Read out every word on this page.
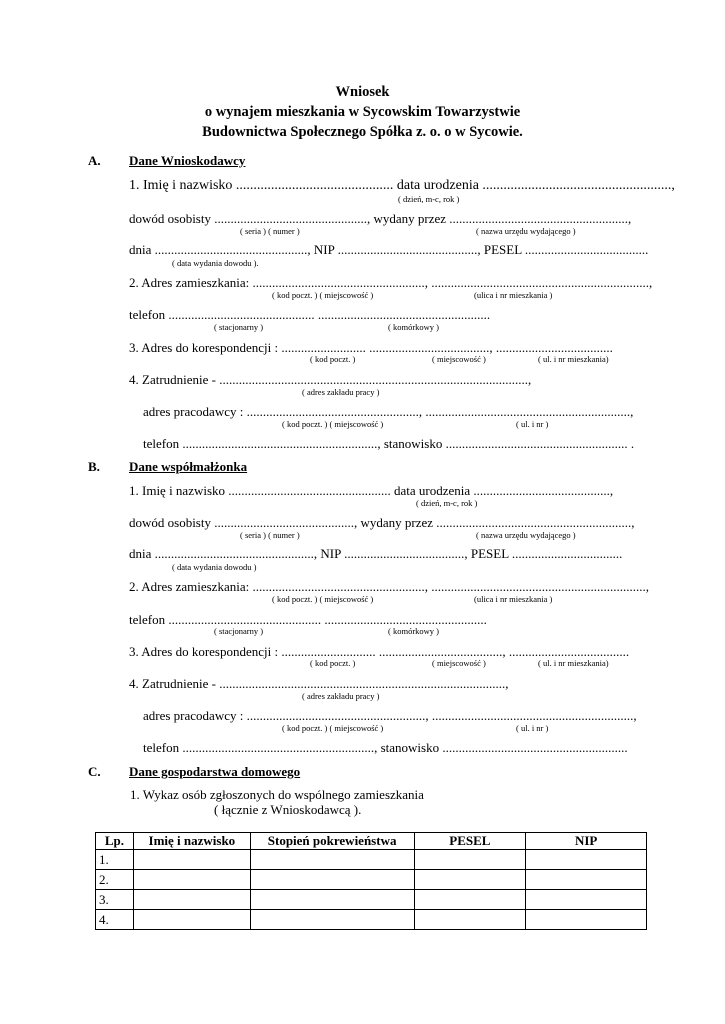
Wniosek
o wynajem mieszkania w Sycowskim Towarzystwie
Budownictwa Społecznego Spółka z. o. o w Sycowie.
A. Dane Wnioskodawcy
1. Imię i nazwisko ............................................. data urodzenia ......................................................,
( dzień, m-c, rok )
dowód osobisty ..............................................., wydany przez .......................................................,
( seria ) ( numer )	( nazwa urzędu wydającego )
dnia ..............................................., NIP ..........................................., PESEL ......................................
( data wydania dowodu ).
2. Adres zamieszkania: ....................................................., ...................................................................,
( kod poczt. ) ( miejscowość )	(ulica i nr mieszkania )
telefon ............................................. .....................................................
( stacjonarny )	( komórkowy )
3. Adres do korespondencji : .......................... ....................................., ....................................
( kod poczt. )	( miejscowość )	( ul. i nr mieszkania)
4. Zatrudnienie - ...............................................................................................,
( adres zakładu pracy )
adres pracodawcy : ....................................................., ...............................................................,
( kod poczt. ) ( miejscowość )	( ul. i nr )
telefon ............................................................, stanowisko ........................................................ .
B. Dane współmałżonka
1. Imię i nazwisko .................................................. data urodzenia ..........................................,
( dzień, m-c, rok )
dowód osobisty ..........................................., wydany przez ............................................................,
( seria ) ( numer )	( nazwa urzędu wydającego )
dnia ................................................., NIP ....................................., PESEL ..................................
( data wydania dowodu )
2. Adres zamieszkania: ....................................................., ..................................................................,
( kod poczt. ) ( miejscowość )	(ulica i nr mieszkania )
telefon ............................................... ..................................................
( stacjonarny )	( komórkowy )
3. Adres do korespondencji : ............................. ......................................, .....................................
( kod poczt. )	( miejscowość )	( ul. i nr mieszkania)
4. Zatrudnienie - ........................................................................................,
( adres zakładu pracy )
adres pracodawcy : ......................................................., ..............................................................,
( kod poczt. ) ( miejscowość )	( ul. i nr )
telefon ..........................................................., stanowisko .........................................................
C. Dane gospodarstwa domowego
1. Wykaz osób zgłoszonych do wspólnego zamieszkania
( łącznie z Wnioskodawcą ).
Lp.	Imię i nazwisko	Stopień pokrewieństwa	PESEL	NIP
1.				
2.				
3.				
4.				
